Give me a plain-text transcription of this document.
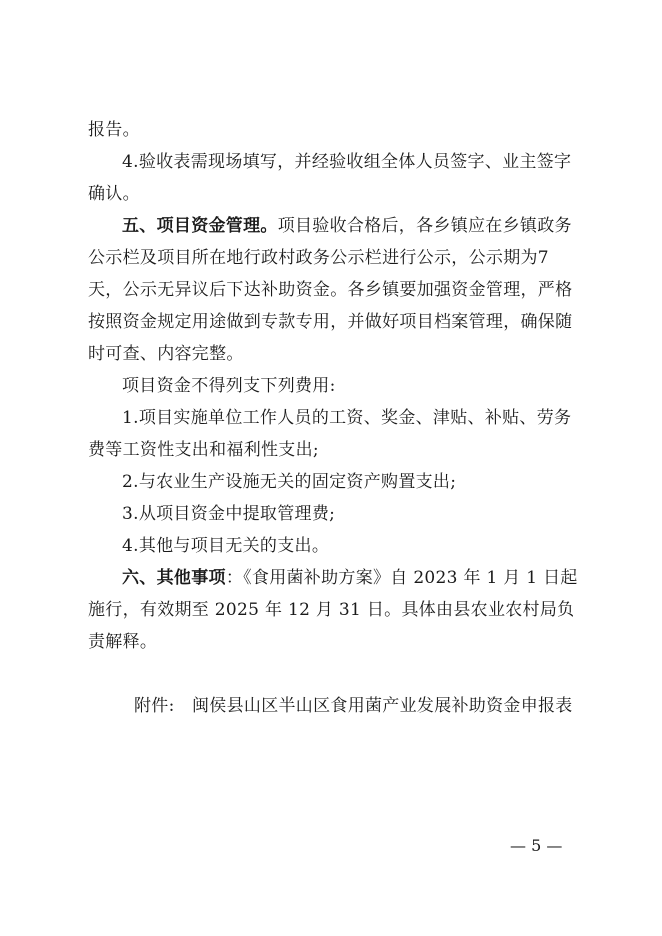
报告。
4.验收表需现场填写，并经验收组全体人员签字、业主签字确认。
五、项目资金管理。项目验收合格后，各乡镇应在乡镇政务公示栏及项目所在地行政村政务公示栏进行公示，公示期为7天，公示无异议后下达补助资金。各乡镇要加强资金管理，严格按照资金规定用途做到专款专用，并做好项目档案管理，确保随时可查、内容完整。
项目资金不得列支下列费用:
1.项目实施单位工作人员的工资、奖金、津贴、补贴、劳务费等工资性支出和福利性支出;
2.与农业生产设施无关的固定资产购置支出;
3.从项目资金中提取管理费;
4.其他与项目无关的支出。
六、其他事项：《食用菌补助方案》自 2023 年 1 月 1 日起施行，有效期至 2025 年 12 月 31 日。具体由县农业农村局负责解释。
附件: 闽侯县山区半山区食用菌产业发展补助资金申报表
— 5 —
